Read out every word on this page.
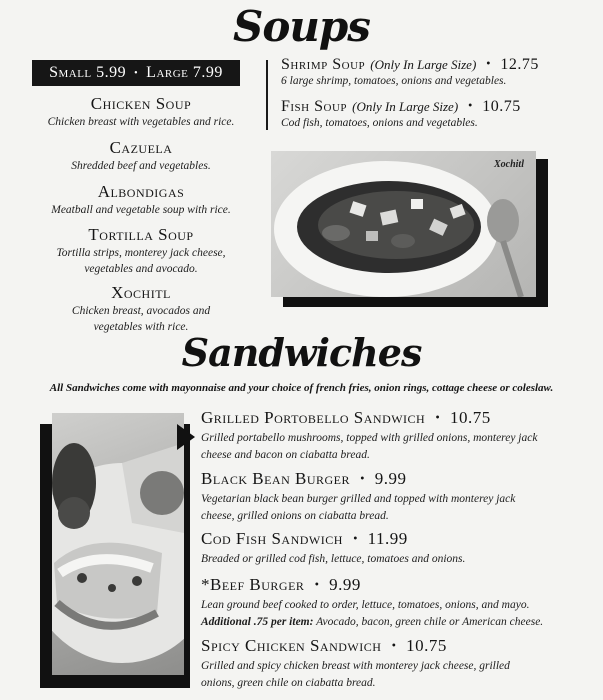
Soups
Small 5.99 • Large 7.99
Chicken Soup
Chicken breast with vegetables and rice.
Cazuela
Shredded beef and vegetables.
Albondigas
Meatball and vegetable soup with rice.
Tortilla Soup
Tortilla strips, monterey jack cheese,
vegetables and avocado.
Xochitl
Chicken breast, avocados and
vegetables with rice.
Shrimp Soup (Only In Large Size) • 12.75
6 large shrimp, tomatoes, onions and vegetables.
Fish Soup (Only In Large Size) • 10.75
Cod fish, tomatoes, onions and vegetables.
Xochitl
Sandwiches
All Sandwiches come with mayonnaise and your choice of french fries, onion rings, cottage cheese or coleslaw.
Grilled Portobello Sandwich • 10.75
Grilled portabello mushrooms, topped with grilled onions, monterey jack
cheese and bacon on ciabatta bread.
Black Bean Burger • 9.99
Vegetarian black bean burger grilled and topped with monterey jack
cheese, grilled onions on ciabatta bread.
Cod Fish Sandwich • 11.99
Breaded or grilled cod fish, lettuce, tomatoes and onions.
*Beef Burger • 9.99
Lean ground beef cooked to order, lettuce, tomatoes, onions, and mayo.
Additional .75 per item: Avocado, bacon, green chile or American cheese.
Spicy Chicken Sandwich • 10.75
Grilled and spicy chicken breast with monterey jack cheese, grilled
onions, green chile on ciabatta bread.
